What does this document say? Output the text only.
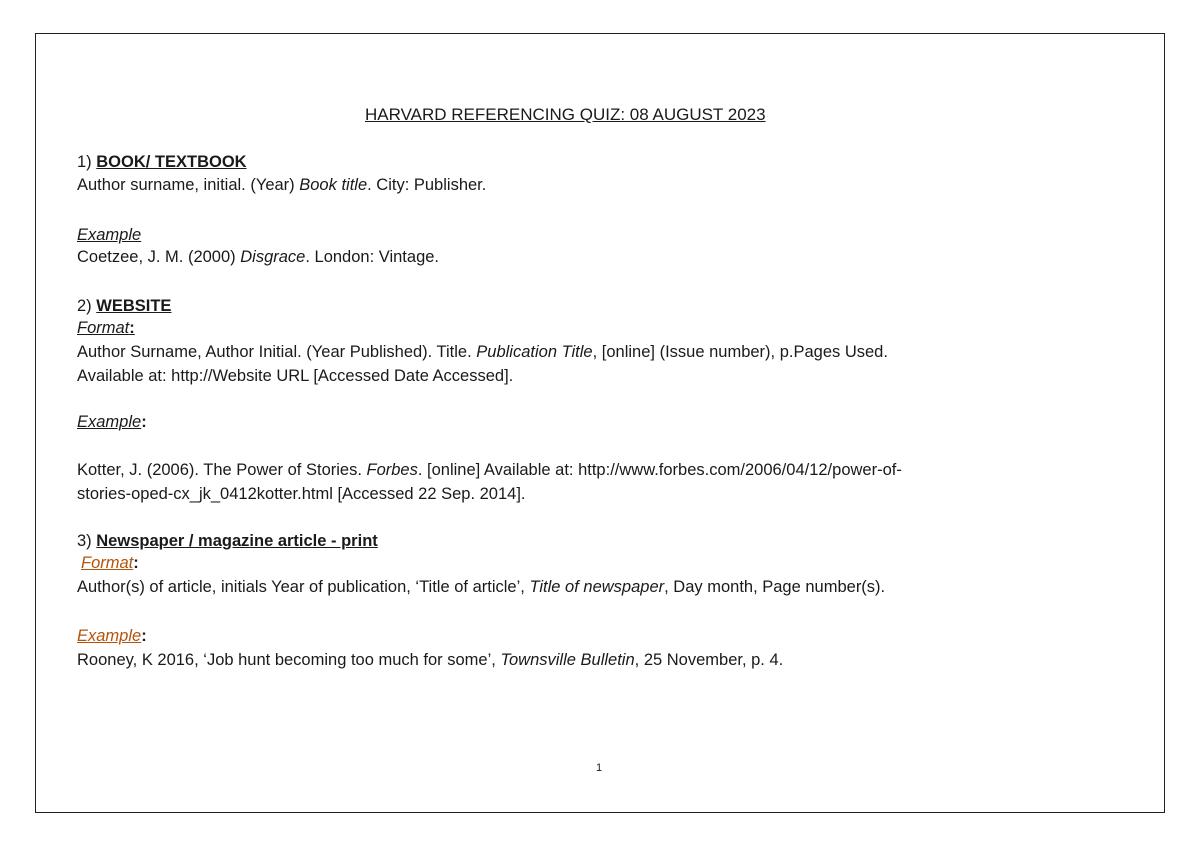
HARVARD REFERENCING QUIZ: 08 AUGUST 2023
1) BOOK/ TEXTBOOK
Author surname, initial. (Year) Book title. City: Publisher.
Example
Coetzee, J. M. (2000) Disgrace. London: Vintage.
2) WEBSITE
Format:
Author Surname, Author Initial. (Year Published). Title. Publication Title, [online] (Issue number), p.Pages Used.
Available at: http://Website URL [Accessed Date Accessed].
Example:
Kotter, J. (2006). The Power of Stories. Forbes. [online] Available at: http://www.forbes.com/2006/04/12/power-of-
stories-oped-cx_jk_0412kotter.html [Accessed 22 Sep. 2014].
3) Newspaper / magazine article - print
Format:
Author(s) of article, initials Year of publication, ‘Title of article’, Title of newspaper, Day month, Page number(s).
Example:
Rooney, K 2016, ‘Job hunt becoming too much for some’, Townsville Bulletin, 25 November, p. 4.
1
